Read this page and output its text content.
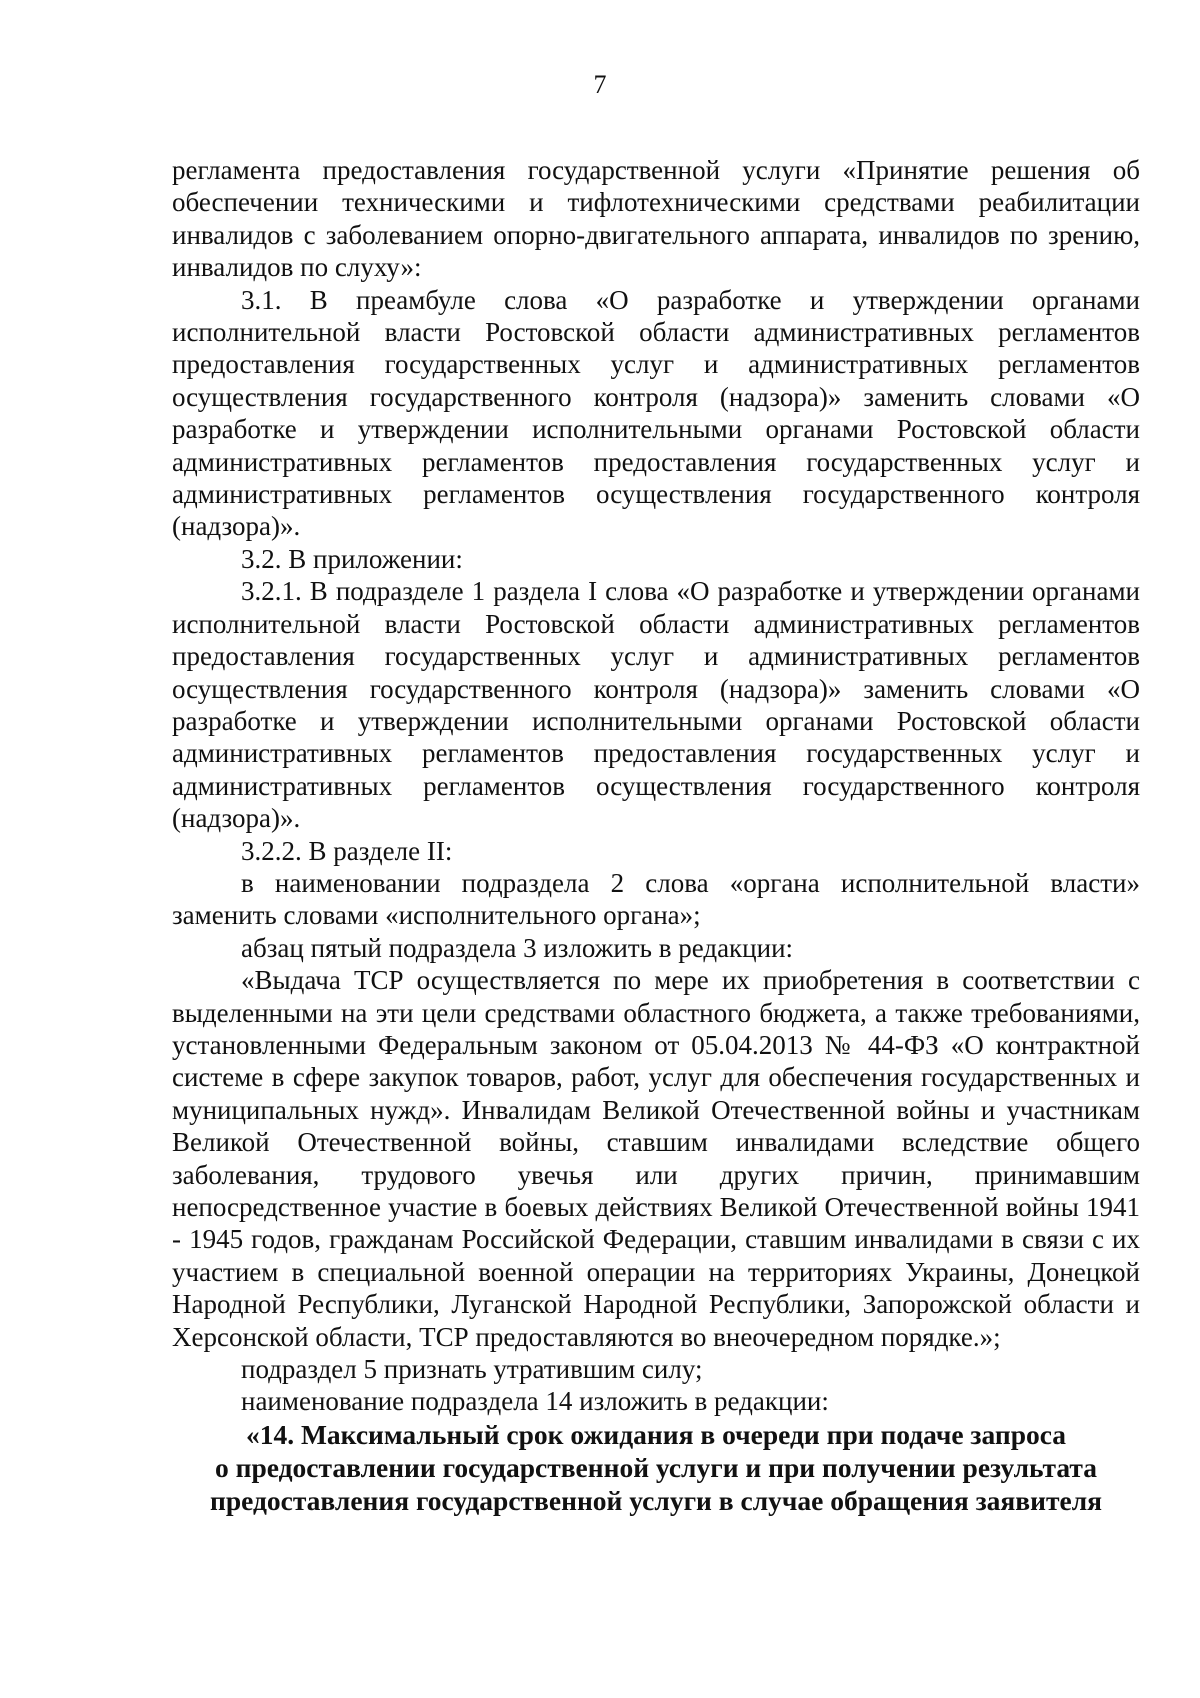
7

регламента предоставления государственной услуги «Принятие решения об обеспечении техническими и тифлотехническими средствами реабилитации инвалидов с заболеванием опорно-двигательного аппарата, инвалидов по зрению, инвалидов по слуху»:

3.1. В преамбуле слова «О разработке и утверждении органами исполнительной власти Ростовской области административных регламентов предоставления государственных услуг и административных регламентов осуществления государственного контроля (надзора)» заменить словами «О разработке и утверждении исполнительными органами Ростовской области административных регламентов предоставления государственных услуг и административных регламентов осуществления государственного контроля (надзора)».

3.2. В приложении:

3.2.1. В подразделе 1 раздела I слова «О разработке и утверждении органами исполнительной власти Ростовской области административных регламентов предоставления государственных услуг и административных регламентов осуществления государственного контроля (надзора)» заменить словами «О разработке и утверждении исполнительными органами Ростовской области административных регламентов предоставления государственных услуг и административных регламентов осуществления государственного контроля (надзора)».

3.2.2. В разделе II:

в наименовании подраздела 2 слова «органа исполнительной власти» заменить словами «исполнительного органа»;

абзац пятый подраздела 3 изложить в редакции:

«Выдача ТСР осуществляется по мере их приобретения в соответствии с выделенными на эти цели средствами областного бюджета, а также требованиями, установленными Федеральным законом от 05.04.2013 № 44-ФЗ «О контрактной системе в сфере закупок товаров, работ, услуг для обеспечения государственных и муниципальных нужд». Инвалидам Великой Отечественной войны и участникам Великой Отечественной войны, ставшим инвалидами вследствие общего заболевания, трудового увечья или других причин, принимавшим непосредственное участие в боевых действиях Великой Отечественной войны 1941 - 1945 годов, гражданам Российской Федерации, ставшим инвалидами в связи с их участием в специальной военной операции на территориях Украины, Донецкой Народной Республики, Луганской Народной Республики, Запорожской области и Херсонской области, ТСР предоставляются во внеочередном порядке.»;

подраздел 5 признать утратившим силу;

наименование подраздела 14 изложить в редакции:

«14. Максимальный срок ожидания в очереди при подаче запроса
о предоставлении государственной услуги и при получении результата
предоставления государственной услуги в случае обращения заявителя
